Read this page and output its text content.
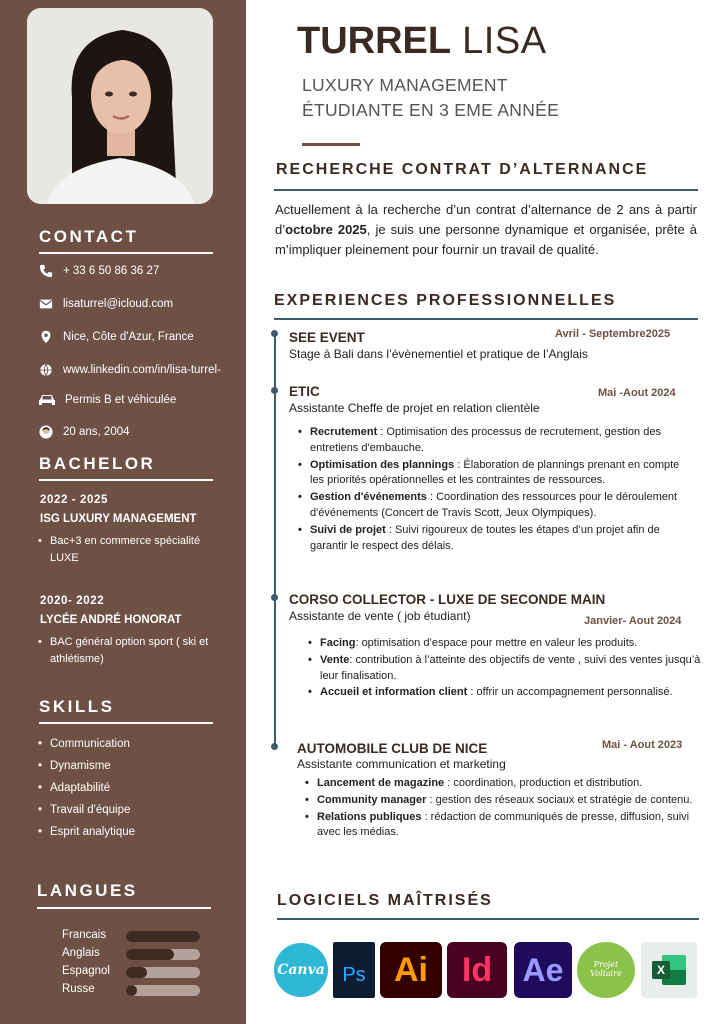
CONTACT
+ 33 6 50 86 36 27
lisaturrel@icloud.com
Nice, Côte d'Azur, France
www.linkedin.com/in/lisa-turrel-
Permis B et véhiculée
20 ans, 2004
BACHELOR
2022 - 2025
ISG LUXURY MANAGEMENT
• Bac+3 en commerce spécialité LUXE
2020- 2022
LYCÉE ANDRÉ HONORAT
• BAC général option sport ( ski et athlétisme)
SKILLS
• Communication
• Dynamisme
• Adaptabilité
• Travail d'équipe
• Esprit analytique
LANGUES
Francais
Anglais
Espagnol
Russe
TURREL LISA
LUXURY MANAGEMENT
ÉTUDIANTE EN 3 EME ANNÉE
RECHERCHE CONTRAT D’ALTERNANCE
Actuellement à la recherche d’un contrat d’alternance de 2 ans à partir d’octobre 2025, je suis une personne dynamique et organisée, prête à m’impliquer pleinement pour fournir un travail de qualité.
EXPERIENCES PROFESSIONNELLES
SEE EVENT	Avril - Septembre2025
Stage à Bali dans l’évènementiel et pratique de l’Anglais
ETIC	Mai -Aout 2024
Assistante Cheffe de projet en relation clientèle
• Recrutement : Optimisation des processus de recrutement, gestion des entretiens d'embauche.
• Optimisation des plannings : Élaboration de plannings prenant en compte les priorités opérationnelles et les contraintes de ressources.
• Gestion d'événements : Coordination des ressources pour le déroulement d'événements (Concert de Travis Scott, Jeux Olympiques).
• Suivi de projet : Suivi rigoureux de toutes les étapes d’un projet afin de garantir le respect des délais.
CORSO COLLECTOR - LUXE DE SECONDE MAIN
Janvier- Aout 2024
Assistante de vente ( job étudiant)
• Facing: optimisation d’espace pour mettre en valeur les produits.
• Vente: contribution à l’atteinte des objectifs de vente , suivi des ventes jusqu’à leur finalisation.
• Accueil et information client : offrir un accompagnement personnalisé.
AUTOMOBILE CLUB DE NICE	Mai - Aout 2023
Assistante communication et marketing
• Lancement de magazine : coordination, production et distribution.
• Community manager : gestion des réseaux sociaux et stratégie de contenu.
• Relations publiques : rédaction de communiqués de presse, diffusion, suivi avec les médias.
LOGICIELS MAÎTRISÉS
Canva Ps Ai Id Ae	Projet Voltaire	X
